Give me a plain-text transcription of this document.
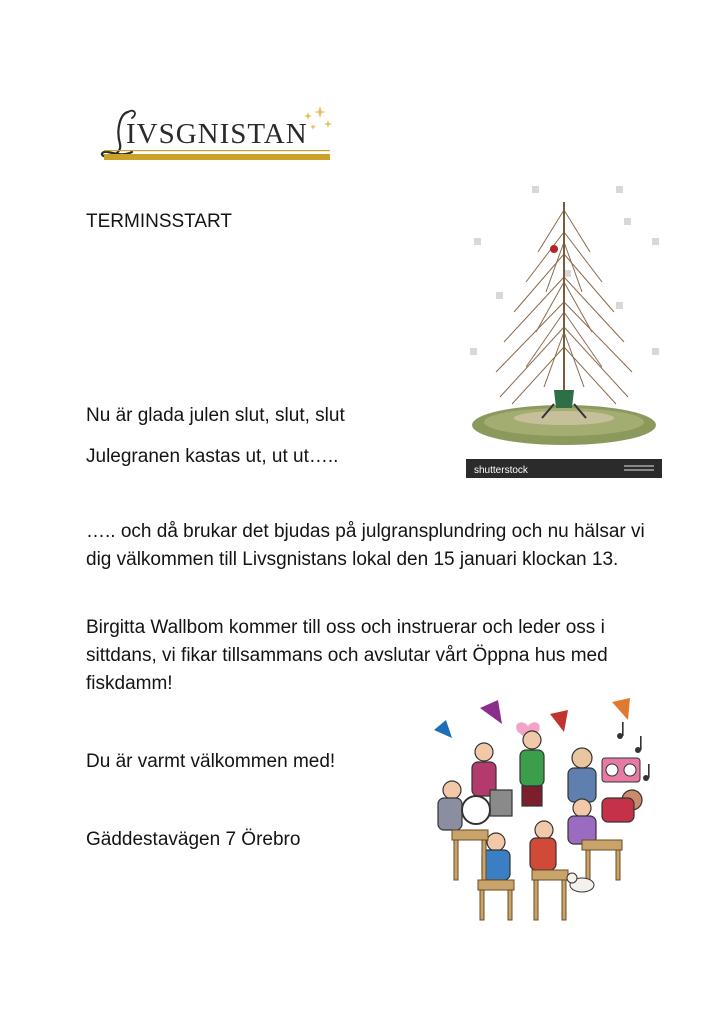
IVSGNISTAN

TERMINSSTART

Nu är glada julen slut, slut, slut

Julegranen kastas ut, ut ut…..

….. och då brukar det bjudas på julgransplundring och nu hälsar vi dig välkommen till Livsgnistans lokal den 15 januari klockan 13.

Birgitta Wallbom kommer till oss och instruerar och leder oss i sittdans, vi fikar tillsammans och avslutar vårt Öppna hus med fiskdamm!

Du är varmt välkommen med!

Gäddestavägen 7 Örebro

shutterstock
